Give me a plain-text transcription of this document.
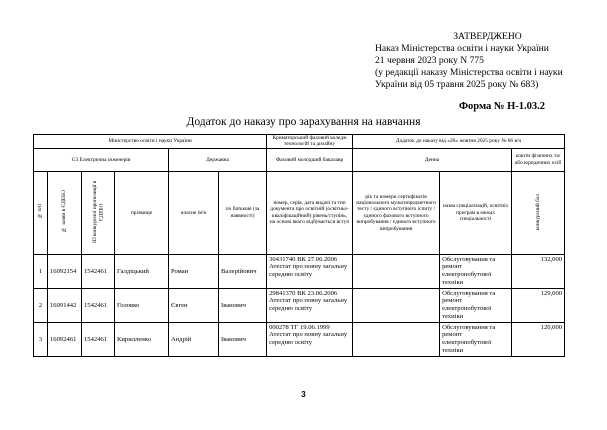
ЗАТВЕРДЖЕНО
Наказ Міністерства освіти і науки України
21 червня 2023 року N 775
(у редакції наказу Міністерства освіти і науки
України від 05 травня 2025 року № 683)
Форма № Н-1.03.2
Додаток до наказу про зарахування на навчання
Міністерство освіти і науки України						Криматорський фаховий коледж технологій та дизайну	Додаток до наказу від «20» жовтня 2025 року № 66 в/ч		
G3 Електрична інженерія				Державна		Фаховий молодший бакалавр	Денна		кошти фізичних та/або юридичних осіб
№ п/п	№ заяви в ЄДЕБО	ID конкурсної пропозиції в ЄДЕБО	прізвище	власне ім'я	по батькові (за наявності)	номер, серія, дата видачі та тип документа про освітній (освітньо-кваліфікаційний) рівень/ступінь, на основі якого відбувається вступ	рік та номери сертифікатів національного мультипредметного тесту / єдиного вступного іспиту / єдиного фахового вступного випробування / єдиного вступного випробування	назва спеціалізацій, освітніх програм в межах спеціальності	конкурсний бал
1	16092154	1542461	Галдіцький	Роман	Валерійович	30431740 ВК 27.06.2006 Атестат про повну загальну середню освіту		Обслуговування та ремонт електропобутової техніки	132,000
2	16091442	1542461	Головко	Євген	Іванович	29841370 ВК 23.06.2006 Атестат про повну загальну середню освіту		Обслуговування та ремонт електропобутової техніки	129,000
3	16092461	1542461	Кирилленко	Андрій	Іванович	000278 ТГ 19.06.1999 Атестат про повну загальну середню освіту		Обслуговування та ремонт електропобутової техніки	120,000
3
